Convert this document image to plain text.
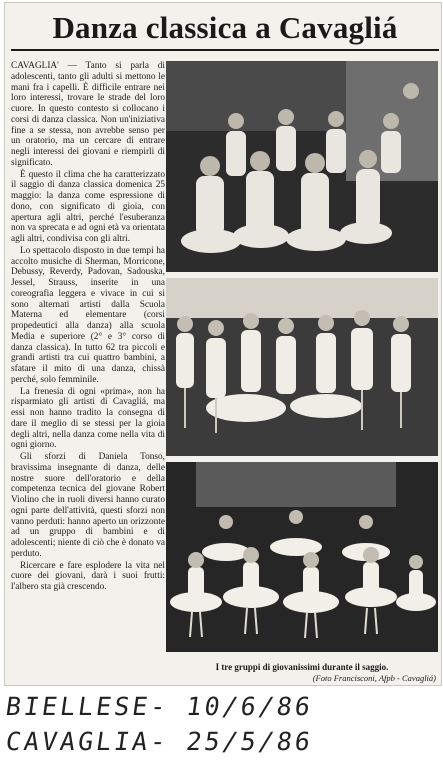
Danza classica a Cavagliá

CAVAGLIA' — Tanto si parla di adolescenti, tanto gli adulti si mettono le mani fra i capelli. È difficile entrare nei loro interessi, trovare le strade del loro cuore. In questo contesto si collocano i corsi di danza classica. Non un'iniziativa fine a se stessa, non avrebbe senso per un oratorio, ma un cercare di entrare negli interessi dei giovani e riempirli di significato.

È questo il clima che ha caratterizzato il saggio di danza classica domenica 25 maggio: la danza come espressione di dono, con significato di gioia, con apertura agli altri, perché l'esuberanza non va sprecata e ad ogni età va orientata agli altri, condivisa con gli altri.

Lo spettacolo disposto in due tempi ha accolto musiche di Sherman, Morricone, Debussy, Reverdy, Padovan, Sadouska, Jessel, Strauss, inserite in una coreografia leggera e vivace in cui si sono alternati artisti dalla Scuola Materna ed elementare (corsi propedeutici alla danza) alla scuola Media e superiore (2° e 3° corso di danza classica). In tutto 62 tra piccoli e grandi artisti tra cui quattro bambini, a sfatare il mito di una danza, chissà perché, solo femminile.

La frenesia di ogni «prima», non ha risparmiato gli artisti di Cavagliá, ma essi non hanno tradito la consegna di dare il meglio di se stessi per la gioia degli altri, nella danza come nella vita di ogni giorno.

Gli sforzi di Daniela Tonso, bravissima insegnante di danza, delle nostre suore dell'oratorio e della competenza tecnica del giovane Robert Violino che in ruoli diversi hanno curato ogni parte dell'attività, questi sforzi non vanno perduti: hanno aperto un orizzonte ad un gruppo di bambini e di adolescenti; niente di ciò che è donato va perduto.

Ricercare e fare esplodere la vita nel cuore dei giovani, darà i suoi frutti: l'albero sta già crescendo.

I tre gruppi di giovanissimi durante il saggio.
(Foto Francisconi, Afpb - Cavagliá)
BIELLESE- 10/6/86
CAVAGLIA- 25/5/86
